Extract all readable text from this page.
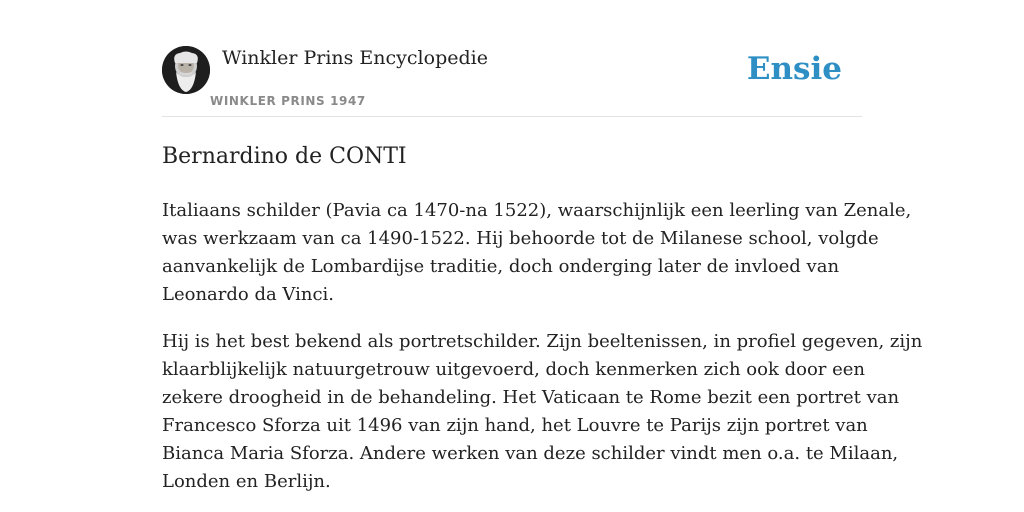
Winkler Prins Encyclopedie
WINKLER PRINS 1947
Ensie
Bernardino de CONTI

Italiaans schilder (Pavia ca 1470-na 1522), waarschijnlijk een leerling van Zenale,
was werkzaam van ca 1490-1522. Hij behoorde tot de Milanese school, volgde
aanvankelijk de Lombardijse traditie, doch onderging later de invloed van
Leonardo da Vinci.

Hij is het best bekend als portretschilder. Zijn beeltenissen, in profiel gegeven, zijn
klaarblijkelijk natuurgetrouw uitgevoerd, doch kenmerken zich ook door een
zekere droogheid in de behandeling. Het Vaticaan te Rome bezit een portret van
Francesco Sforza uit 1496 van zijn hand, het Louvre te Parijs zijn portret van
Bianca Maria Sforza. Andere werken van deze schilder vindt men o.a. te Milaan,
Londen en Berlijn.
